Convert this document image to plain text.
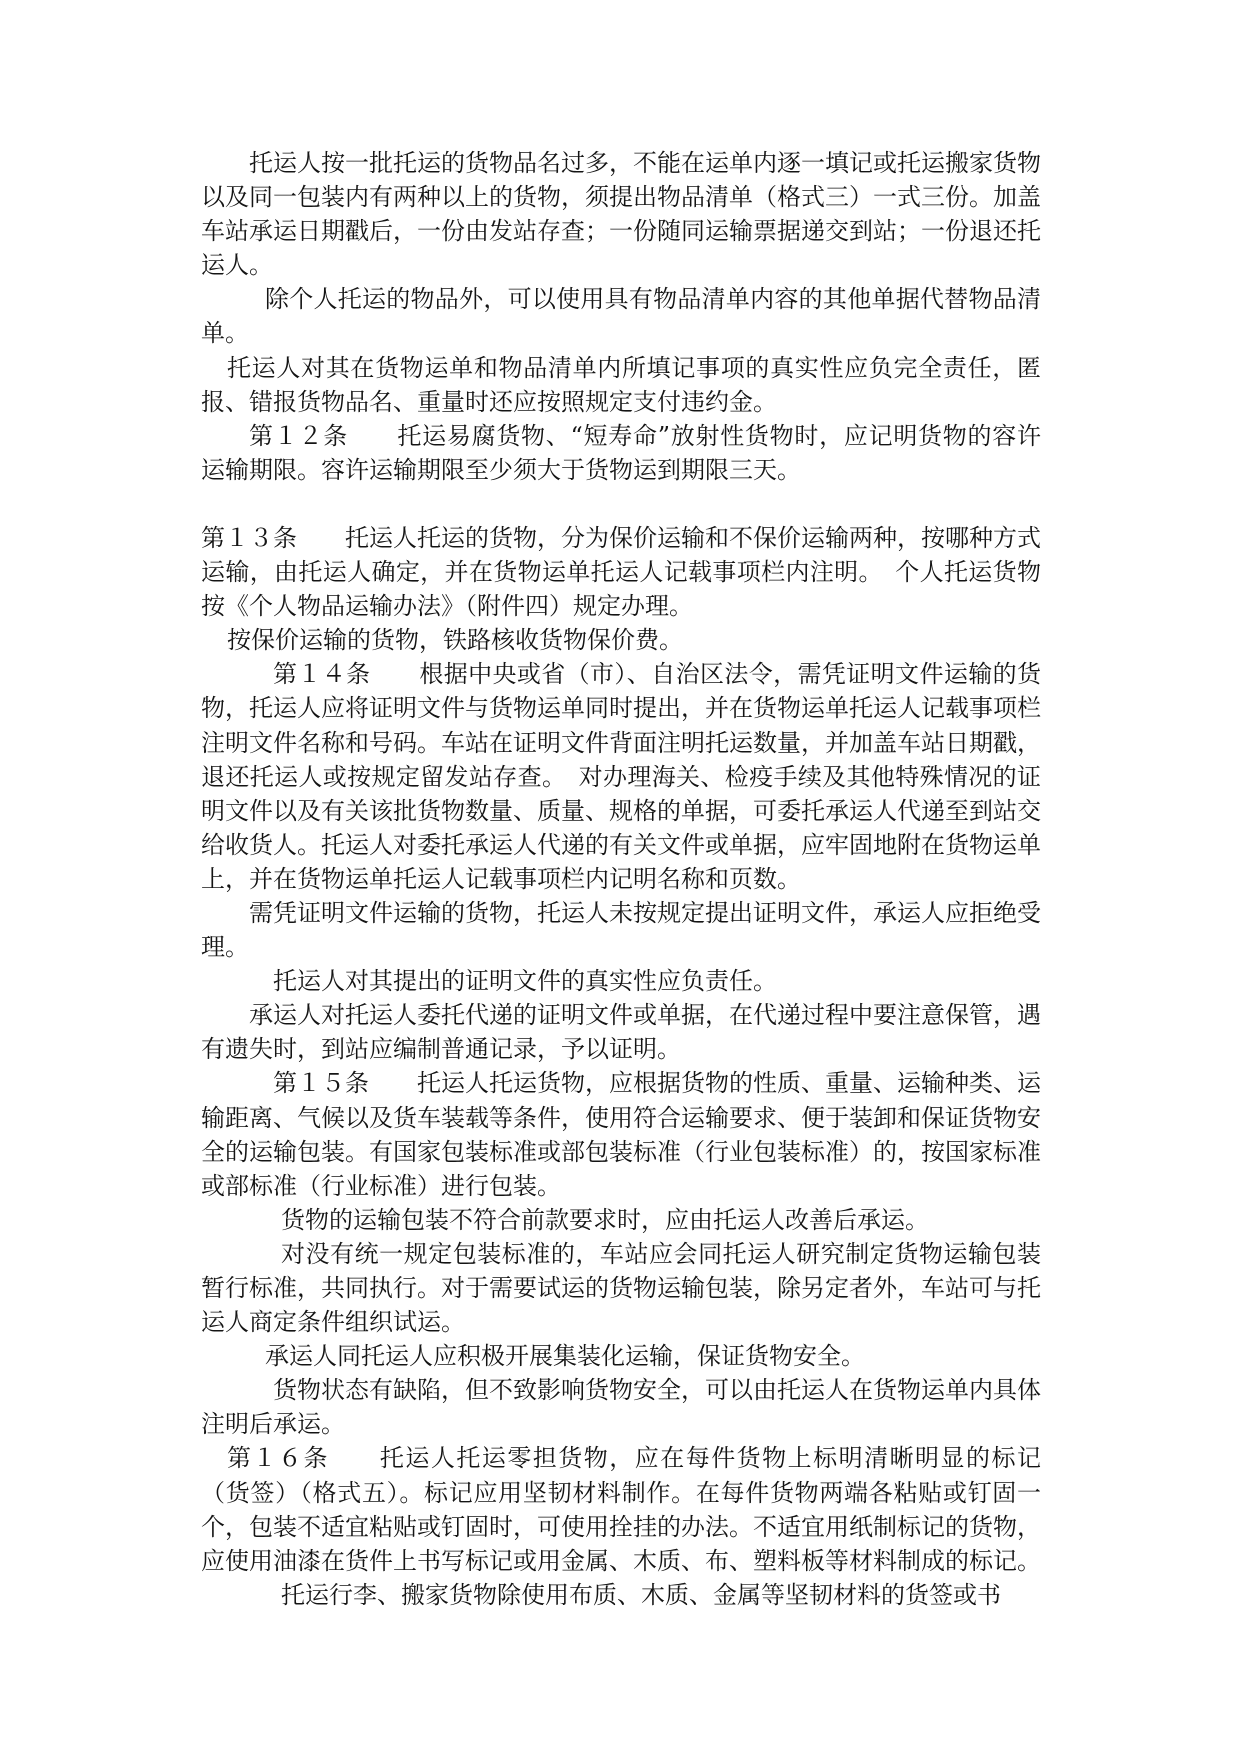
托运人按一批托运的货物品名过多，不能在运单内逐一填记或托运搬家货物以及同一包装内有两种以上的货物，须提出物品清单（格式三）一式三份。加盖车站承运日期戳后，一份由发站存查；一份随同运输票据递交到站；一份退还托运人。

除个人托运的物品外，可以使用具有物品清单内容的其他单据代替物品清单。

托运人对其在货物运单和物品清单内所填记事项的真实性应负完全责任，匿报、错报货物品名、重量时还应按照规定支付违约金。

第１２条　　托运易腐货物、“短寿命”放射性货物时，应记明货物的容许运输期限。容许运输期限至少须大于货物运到期限三天。

第１３条　　托运人托运的货物，分为保价运输和不保价运输两种，按哪种方式运输，由托运人确定，并在货物运单托运人记载事项栏内注明。　个人托运货物按《个人物品运输办法》（附件四）规定办理。

按保价运输的货物，铁路核收货物保价费。

第１４条　　根据中央或省（市）、自治区法令，需凭证明文件运输的货物，托运人应将证明文件与货物运单同时提出，并在货物运单托运人记载事项栏注明文件名称和号码。车站在证明文件背面注明托运数量，并加盖车站日期戳，退还托运人或按规定留发站存查。　对办理海关、检疫手续及其他特殊情况的证明文件以及有关该批货物数量、质量、规格的单据，可委托承运人代递至到站交给收货人。托运人对委托承运人代递的有关文件或单据，应牢固地附在货物运单上，并在货物运单托运人记载事项栏内记明名称和页数。

需凭证明文件运输的货物，托运人未按规定提出证明文件，承运人应拒绝受理。

托运人对其提出的证明文件的真实性应负责任。

承运人对托运人委托代递的证明文件或单据，在代递过程中要注意保管，遇有遗失时，到站应编制普通记录，予以证明。

第１５条　　托运人托运货物，应根据货物的性质、重量、运输种类、运输距离、气候以及货车装载等条件，使用符合运输要求、便于装卸和保证货物安全的运输包装。有国家包装标准或部包装标准（行业包装标准）的，按国家标准或部标准（行业标准）进行包装。

货物的运输包装不符合前款要求时，应由托运人改善后承运。

对没有统一规定包装标准的，车站应会同托运人研究制定货物运输包装暂行标准，共同执行。对于需要试运的货物运输包装，除另定者外，车站可与托运人商定条件组织试运。

承运人同托运人应积极开展集装化运输，保证货物安全。

货物状态有缺陷，但不致影响货物安全，可以由托运人在货物运单内具体注明后承运。

第１６条　　托运人托运零担货物，应在每件货物上标明清晰明显的标记（货签）（格式五）。标记应用坚韧材料制作。在每件货物两端各粘贴或钉固一个，包装不适宜粘贴或钉固时，可使用拴挂的办法。不适宜用纸制标记的货物，应使用油漆在货件上书写标记或用金属、木质、布、塑料板等材料制成的标记。

托运行李、搬家货物除使用布质、木质、金属等坚韧材料的货签或书
